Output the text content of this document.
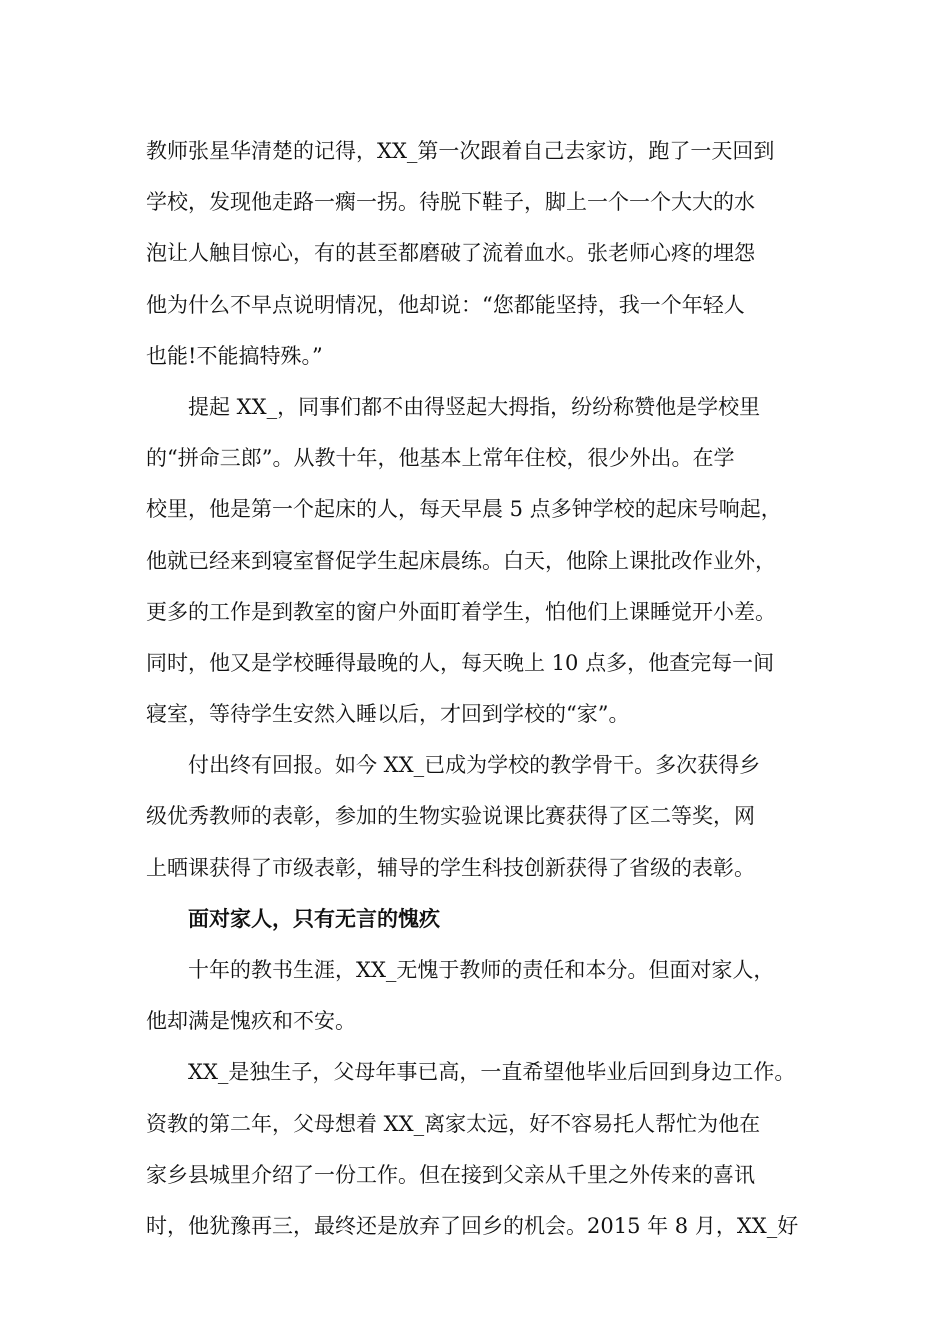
教师张星华清楚的记得，XX_第一次跟着自己去家访，跑了一天回到
学校，发现他走路一瘸一拐。待脱下鞋子，脚上一个一个大大的水
泡让人触目惊心，有的甚至都磨破了流着血水。张老师心疼的埋怨
他为什么不早点说明情况，他却说：“您都能坚持，我一个年轻人
也能!不能搞特殊。”
提起 XX_，同事们都不由得竖起大拇指，纷纷称赞他是学校里
的“拼命三郎”。从教十年，他基本上常年住校，很少外出。在学
校里，他是第一个起床的人，每天早晨 5 点多钟学校的起床号响起，
他就已经来到寝室督促学生起床晨练。白天，他除上课批改作业外，
更多的工作是到教室的窗户外面盯着学生，怕他们上课睡觉开小差。
同时，他又是学校睡得最晚的人，每天晚上 10 点多，他查完每一间
寝室，等待学生安然入睡以后，才回到学校的“家”。
付出终有回报。如今 XX_已成为学校的教学骨干。多次获得乡
级优秀教师的表彰，参加的生物实验说课比赛获得了区二等奖，网
上晒课获得了市级表彰，辅导的学生科技创新获得了省级的表彰。
面对家人，只有无言的愧疚
十年的教书生涯，XX_无愧于教师的责任和本分。但面对家人，
他却满是愧疚和不安。
XX_是独生子，父母年事已高，一直希望他毕业后回到身边工作。
资教的第二年，父母想着 XX_离家太远，好不容易托人帮忙为他在
家乡县城里介绍了一份工作。但在接到父亲从千里之外传来的喜讯
时，他犹豫再三，最终还是放弃了回乡的机会。2015 年 8 月，XX_好
